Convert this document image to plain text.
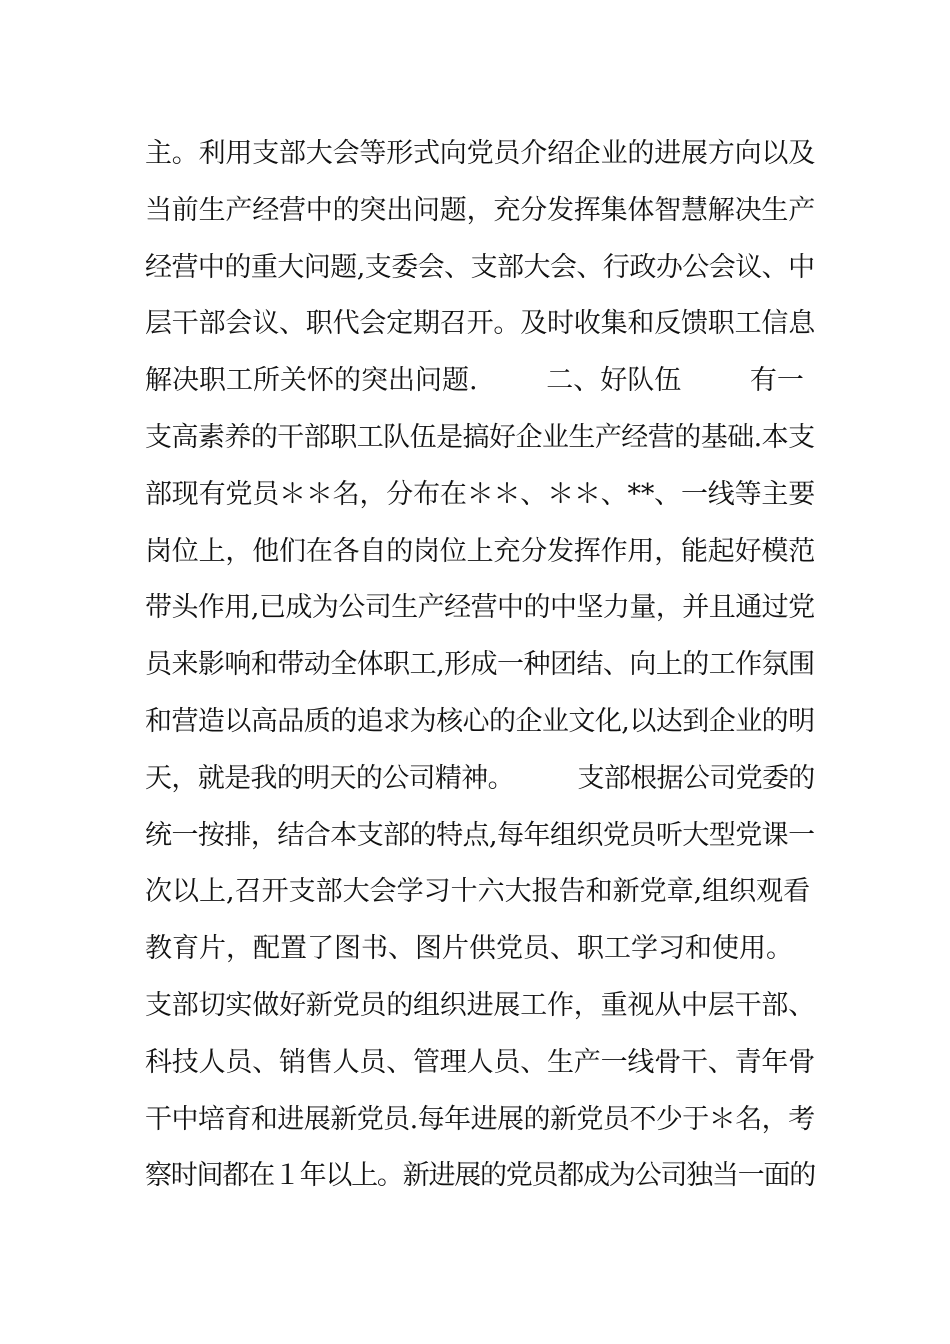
主。利用支部大会等形式向党员介绍企业的进展方向以及
当前生产经营中的突出问题，充分发挥集体智慧解决生产
经营中的重大问题,支委会、支部大会、行政办公会议、中
层干部会议、职代会定期召开。及时收集和反馈职工信息
解决职工所关怀的突出问题.        二、好队伍        有一
支高素养的干部职工队伍是搞好企业生产经营的基础.本支
部现有党员＊＊名，分布在＊＊、＊＊、**、一线等主要
岗位上，他们在各自的岗位上充分发挥作用，能起好模范
带头作用,已成为公司生产经营中的中坚力量，并且通过党
员来影响和带动全体职工,形成一种团结、向上的工作氛围
和营造以高品质的追求为核心的企业文化,以达到企业的明
天，就是我的明天的公司精神。        支部根据公司党委的
统一按排，结合本支部的特点,每年组织党员听大型党课一
次以上,召开支部大会学习十六大报告和新党章,组织观看
教育片，配置了图书、图片供党员、职工学习和使用。
支部切实做好新党员的组织进展工作，重视从中层干部、
科技人员、销售人员、管理人员、生产一线骨干、青年骨
干中培育和进展新党员.每年进展的新党员不少于＊名，考
察时间都在１年以上。新进展的党员都成为公司独当一面的
